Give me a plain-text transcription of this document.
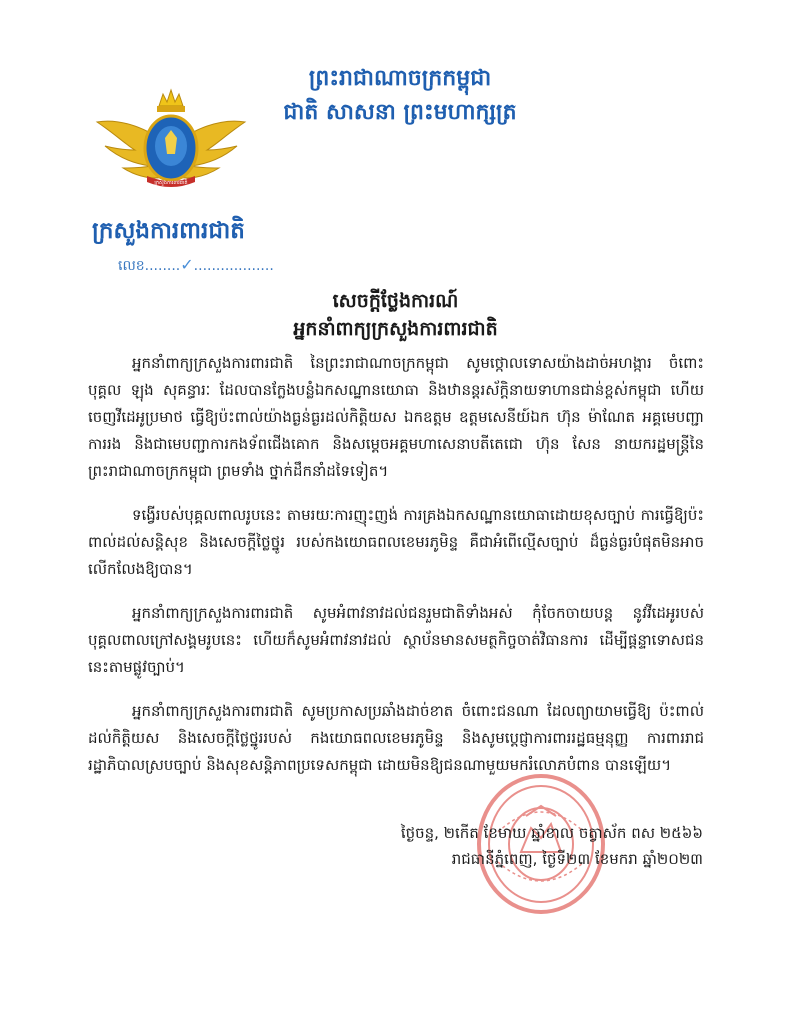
ក្រសួងការពារជាតិ
ព្រះរាជាណាចក្រកម្ពុជា
ជាតិ សាសនា ព្រះមហាក្សត្រ
ក្រសួងការពារជាតិ
លេខ........✓..................
សេចក្តីថ្លែងការណ៍
អ្នកនាំពាក្យក្រសួងការពារជាតិ

អ្នកនាំពាក្យក្រសួងការពារជាតិ នៃព្រះរាជាណាចក្រកម្ពុជា សូមថ្កោលទោសយ៉ាងដាច់អហង្ការ ចំពោះ បុគ្គល ឡុង សុគន្ធារៈ ដែលបានក្លែងបន្លំឯកសណ្ឋានយោធា និងឋានន្តរស័ក្តិនាយទាហានជាន់ខ្ពស់កម្ពុជា ហើយចេញវីដេអូប្រមាថ ធ្វើឱ្យប៉ះពាល់យ៉ាងធ្ងន់ធ្ងរដល់កិត្តិយស ឯកឧត្តម ឧត្តមសេនីយ៍ឯក ហ៊ុន ម៉ាណែត អគ្គមេបញ្ជាការរង និងជាមេបញ្ជាការកងទ័ពជើងគោក និងសម្តេចអគ្គមហាសេនាបតីតេជោ ហ៊ុន សែន នាយករដ្ឋមន្ត្រីនៃព្រះរាជាណាចក្រកម្ពុជា ព្រមទាំង ថ្នាក់ដឹកនាំដទៃទៀត។

ទង្វើរបស់បុគ្គលពាលរូបនេះ តាមរយៈការញុះញង់ ការគ្រងឯកសណ្ឋានយោធាដោយខុសច្បាប់ ការធ្វើឱ្យប៉ះពាល់ដល់សន្តិសុខ និងសេចក្តីថ្លៃថ្នូរ របស់កងយោធពលខេមរភូមិន្ទ គឺជាអំពើល្មើសច្បាប់ ដ៏ធ្ងន់ធ្ងរបំផុតមិនអាចលើកលែងឱ្យបាន។

អ្នកនាំពាក្យក្រសួងការពារជាតិ សូមអំពាវនាវដល់ជនរួមជាតិទាំងអស់ កុំចែកចាយបន្ត នូវវីដេអូរបស់បុគ្គលពាលក្រៅសង្គមរូបនេះ ហើយក៏សូមអំពាវនាវដល់ ស្ថាប័នមានសមត្ថកិច្ចចាត់វិធានការ ដើម្បីផ្តន្ទាទោសជននេះតាមផ្លូវច្បាប់។

អ្នកនាំពាក្យក្រសួងការពារជាតិ សូមប្រកាសប្រឆាំងដាច់ខាត ចំពោះជនណា ដែលព្យាយាមធ្វើឱ្យ ប៉ះពាល់ដល់កិត្តិយស និងសេចក្តីថ្លៃថ្នូររបស់ កងយោធពលខេមរភូមិន្ទ និងសូមប្តេជ្ញាការពាររដ្ឋធម្មនុញ្ញ ការពាររាជរដ្ឋាភិបាលស្របច្បាប់ និងសុខសន្តិភាពប្រទេសកម្ពុជា ដោយមិនឱ្យជនណាមួយមករំលោភបំពាន បានឡើយ។

ថ្ងៃចន្ទ, ២កើត ខែមាឃ ឆ្នាំខាល ចត្វាស័ក ពស ២៥៦៦
រាជធានីភ្នំពេញ, ថ្ងៃទី២៣ ខែមករា ឆ្នាំ២០២៣
